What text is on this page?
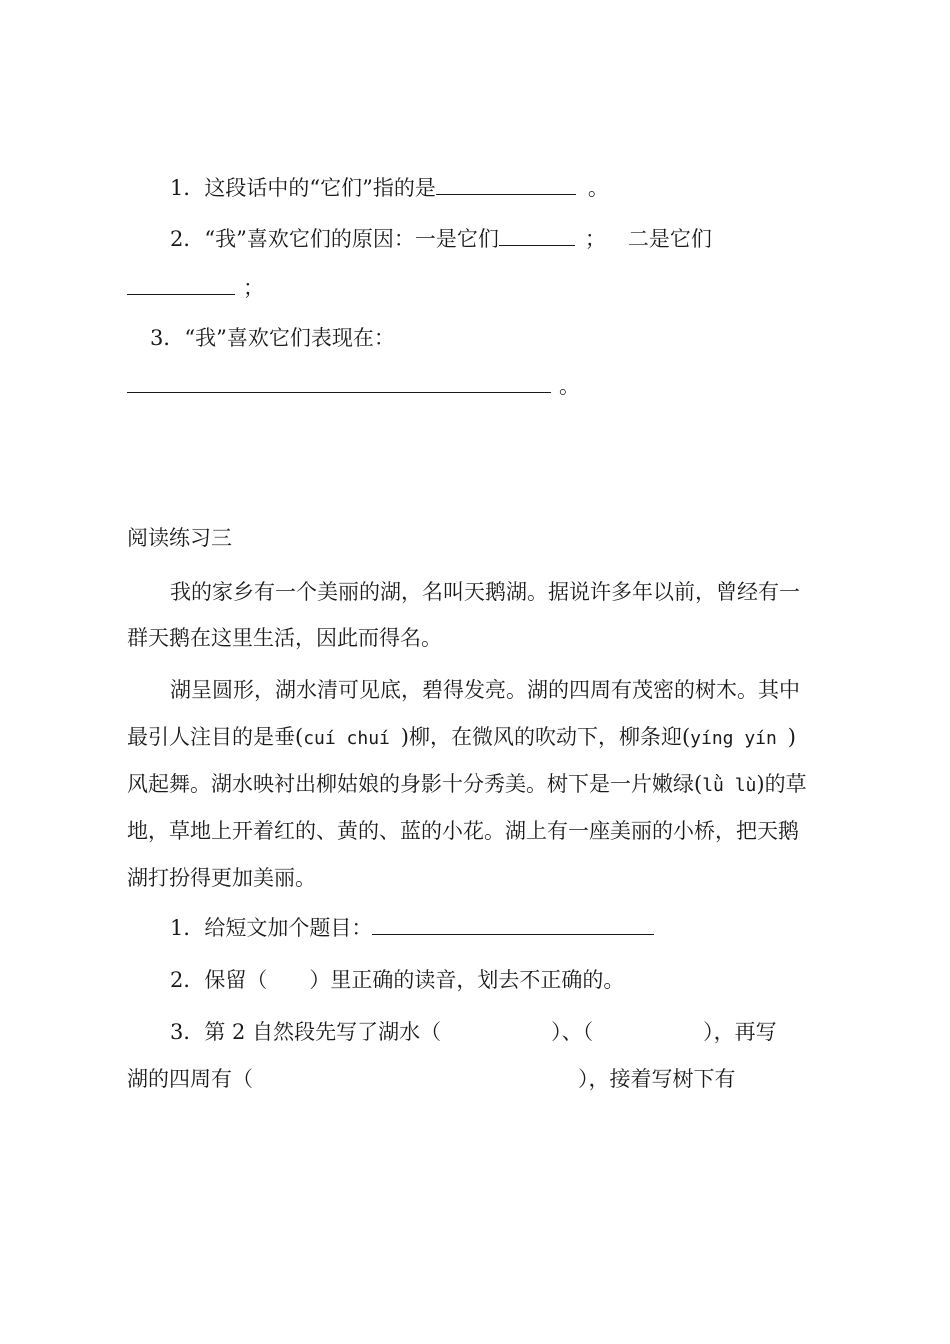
1．这段话中的“它们”指的是	。
2．“我”喜欢它们的原因：一是它们	； 二是它们
；
3．“我”喜欢它们表现在：
。
阅读练习三
我的家乡有一个美丽的湖，名叫天鹅湖。据说许多年以前，曾经有一
群天鹅在这里生活，因此而得名。
湖呈圆形，湖水清可见底，碧得发亮。湖的四周有茂密的树木。其中
最引人注目的是垂(cuí chuí )柳，在微风的吹动下，柳条迎(yíng yín )
风起舞。湖水映衬出柳姑娘的身影十分秀美。树下是一片嫩绿(lǜ lù)的草
地，草地上开着红的、黄的、蓝的小花。湖上有一座美丽的小桥，把天鹅
湖打扮得更加美丽。
1．给短文加个题目：
2．保留（　　）里正确的读音，划去不正确的。
3．第 2 自然段先写了湖水（	）、（	），再写
湖的四周有（	），接着写树下有
